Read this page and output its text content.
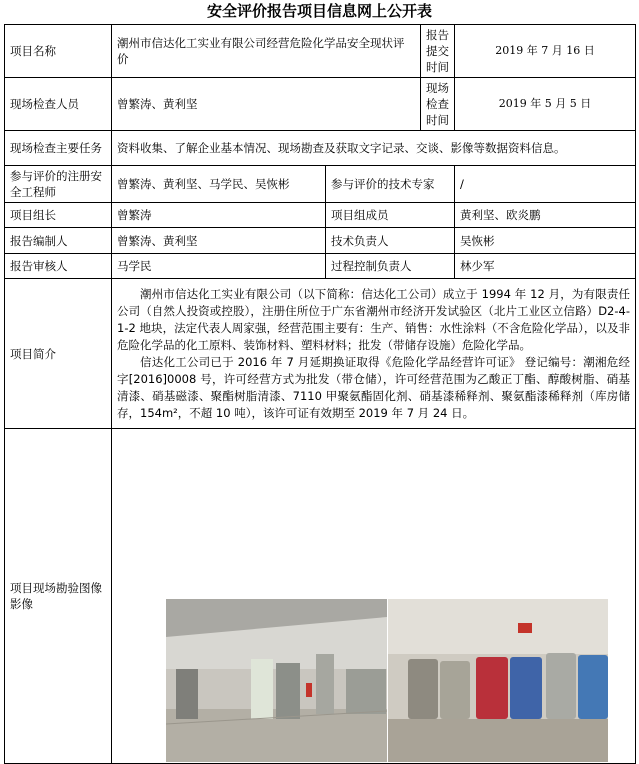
安全评价报告项目信息网上公开表
项目名称	潮州市信达化工实业有限公司经营危险化学品安全现状评价		报告提交时间	2019 年 7 月 16 日
现场检查人员	曾繁涛、黄利坚		现场检查时间	2019 年 5 月 5 日
现场检查主要任务	资料收集、了解企业基本情况、现场勘查及获取文字记录、交谈、影像等数据资料信息。			
参与评价的注册安全工程师	曾繁涛、黄利坚、马学民、吴恢彬	参与评价的技术专家		/
项目组长	曾繁涛	项目组成员		黄利坚、欧炎鹏
报告编制人	曾繁涛、黄利坚	技术负责人		吴恢彬
报告审核人	马学民	过程控制负责人		林少军
项目简介	潮州市信达化工实业有限公司（以下简称：信达化工公司）成立于 1994 年 12 月，为有限责任公司（自然人投资或控股），注册住所位于广东省潮州市经济开发试验区（北片工业区立信路）D2-4-1-2 地块，法定代表人周家强，经营范围主要有：生产、销售：水性涂料（不含危险化学品），以及非危险化学品的化工原料、装饰材料、塑料材料；批发（带储存设施）危险化学品。

信达化工公司已于 2016 年 7 月延期换证取得《危险化学品经营许可证》 登记编号：潮湘危经字[2016]0008 号，许可经营方式为批发（带仓储），许可经营范围为乙酸正丁酯、醇酸树脂、硝基清漆、硝基磁漆、聚酯树脂清漆、7110 甲聚氨酯固化剂、硝基漆稀释剂、聚氨酯漆稀释剂（库房储存，154m²，不超 10 吨），该许可证有效期至 2019 年 7 月 24 日。			

项目现场勘验图像影像	
